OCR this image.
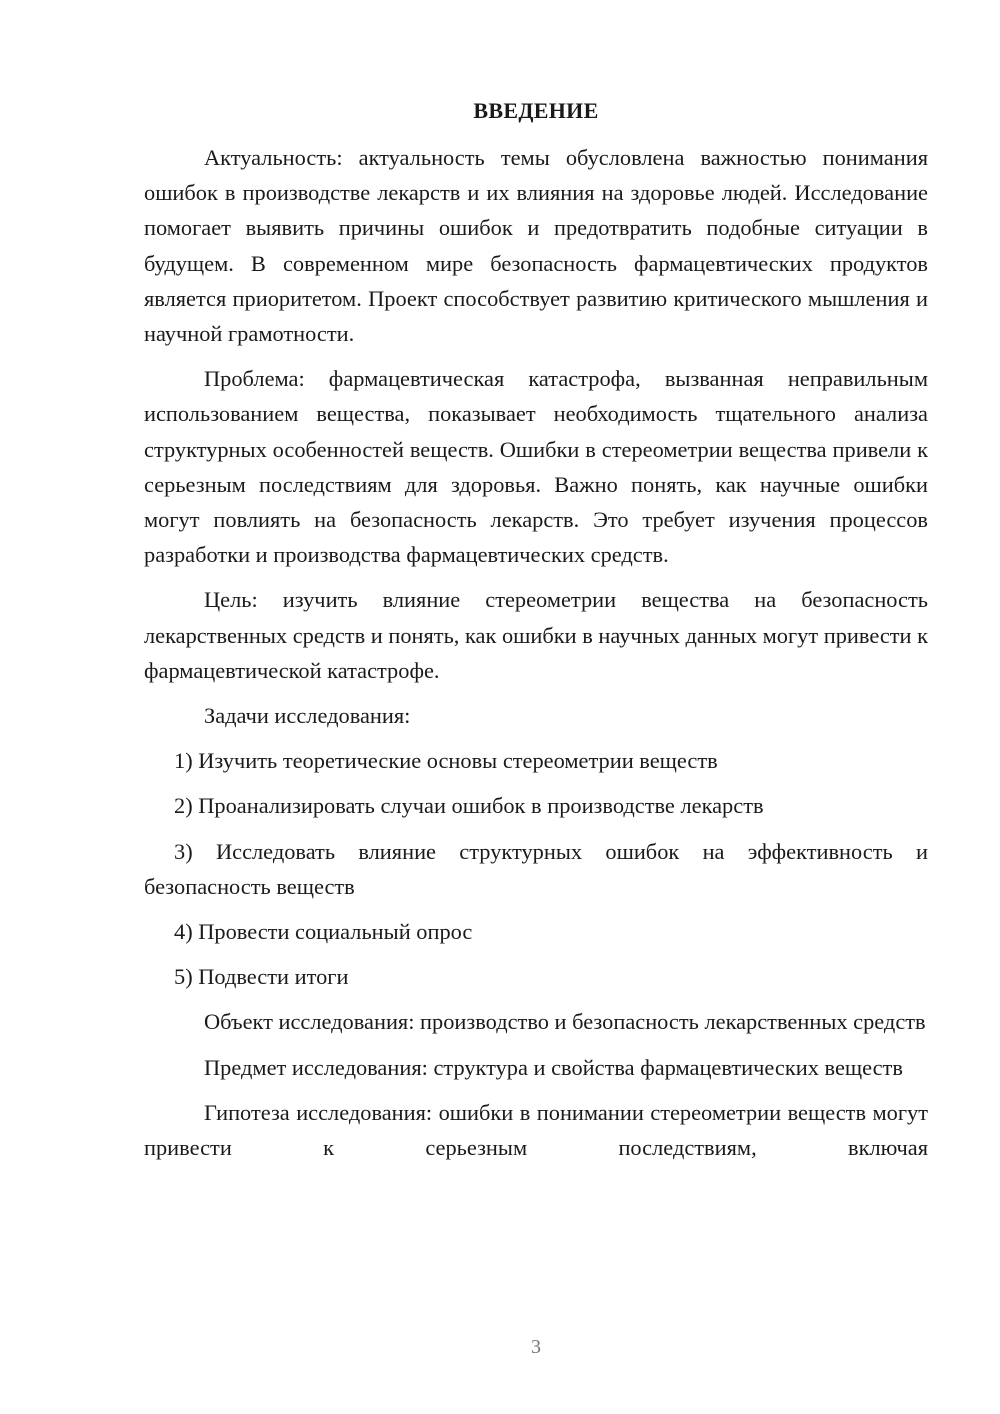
ВВЕДЕНИЕ

Актуальность: актуальность темы обусловлена важностью понимания ошибок в производстве лекарств и их влияния на здоровье людей. Исследование помогает выявить причины ошибок и предотвратить подобные ситуации в будущем. В современном мире безопасность фармацевтических продуктов является приоритетом. Проект способствует развитию критического мышления и научной грамотности.

Проблема: фармацевтическая катастрофа, вызванная неправильным использованием вещества, показывает необходимость тщательного анализа структурных особенностей веществ. Ошибки в стереометрии вещества привели к серьезным последствиям для здоровья. Важно понять, как научные ошибки могут повлиять на безопасность лекарств. Это требует изучения процессов разработки и производства фармацевтических средств.

Цель: изучить влияние стереометрии вещества на безопасность лекарственных средств и понять, как ошибки в научных данных могут привести к фармацевтической катастрофе.

Задачи исследования:

1) Изучить теоретические основы стереометрии веществ

2) Проанализировать случаи ошибок в производстве лекарств

3) Исследовать влияние структурных ошибок на эффективность и безопасность веществ

4) Провести социальный опрос

5) Подвести итоги

Объект исследования: производство и безопасность лекарственных средств

Предмет исследования: структура и свойства фармацевтических веществ

Гипотеза исследования: ошибки в понимании стереометрии веществ могут привести к серьезным последствиям, включая

3
